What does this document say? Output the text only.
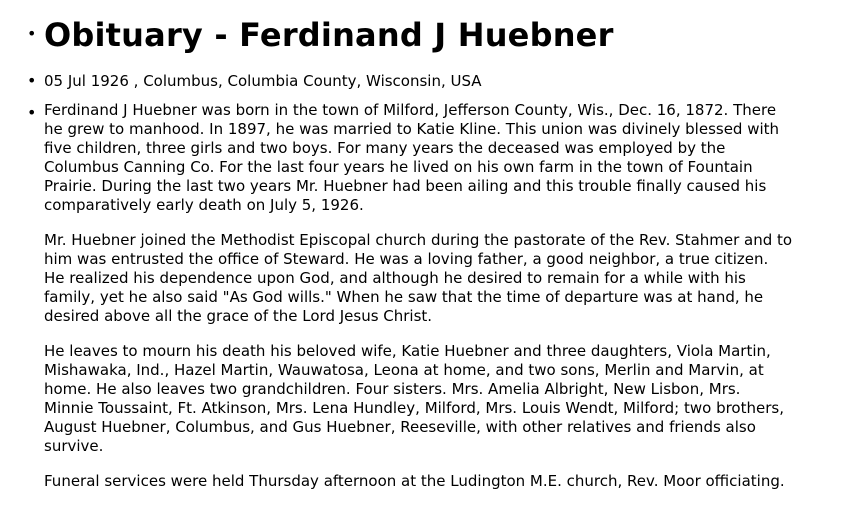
• Obituary - Ferdinand J Huebner
• 05 Jul 1926 , Columbus, Columbia County, Wisconsin, USA
• Ferdinand J Huebner was born in the town of Milford, Jefferson County, Wis., Dec. 16, 1872. There
he grew to manhood. In 1897, he was married to Katie Kline. This union was divinely blessed with
five children, three girls and two boys. For many years the deceased was employed by the
Columbus Canning Co. For the last four years he lived on his own farm in the town of Fountain
Prairie. During the last two years Mr. Huebner had been ailing and this trouble finally caused his
comparatively early death on July 5, 1926.

Mr. Huebner joined the Methodist Episcopal church during the pastorate of the Rev. Stahmer and to
him was entrusted the office of Steward. He was a loving father, a good neighbor, a true citizen.
He realized his dependence upon God, and although he desired to remain for a while with his
family, yet he also said "As God wills." When he saw that the time of departure was at hand, he
desired above all the grace of the Lord Jesus Christ.

He leaves to mourn his death his beloved wife, Katie Huebner and three daughters, Viola Martin,
Mishawaka, Ind., Hazel Martin, Wauwatosa, Leona at home, and two sons, Merlin and Marvin, at
home. He also leaves two grandchildren. Four sisters. Mrs. Amelia Albright, New Lisbon, Mrs.
Minnie Toussaint, Ft. Atkinson, Mrs. Lena Hundley, Milford, Mrs. Louis Wendt, Milford; two brothers,
August Huebner, Columbus, and Gus Huebner, Reeseville, with other relatives and friends also
survive.

Funeral services were held Thursday afternoon at the Ludington M.E. church, Rev. Moor officiating.
